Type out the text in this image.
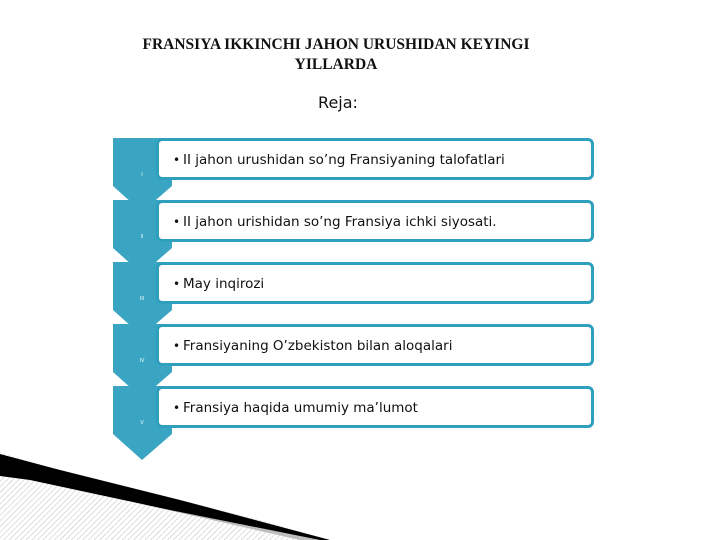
FRANSIYA IKKINCHI JAHON URUSHIDAN KEYINGI
YILLARDA
Reja:
I
II
III
IV
V
• II jahon urushidan so’ng Fransiyaning talofatlari
• II jahon urishidan so’ng Fransiya ichki siyosati.
• May inqirozi
• Fransiyaning O’zbekiston bilan aloqalari
• Fransiya haqida umumiy ma’lumot
